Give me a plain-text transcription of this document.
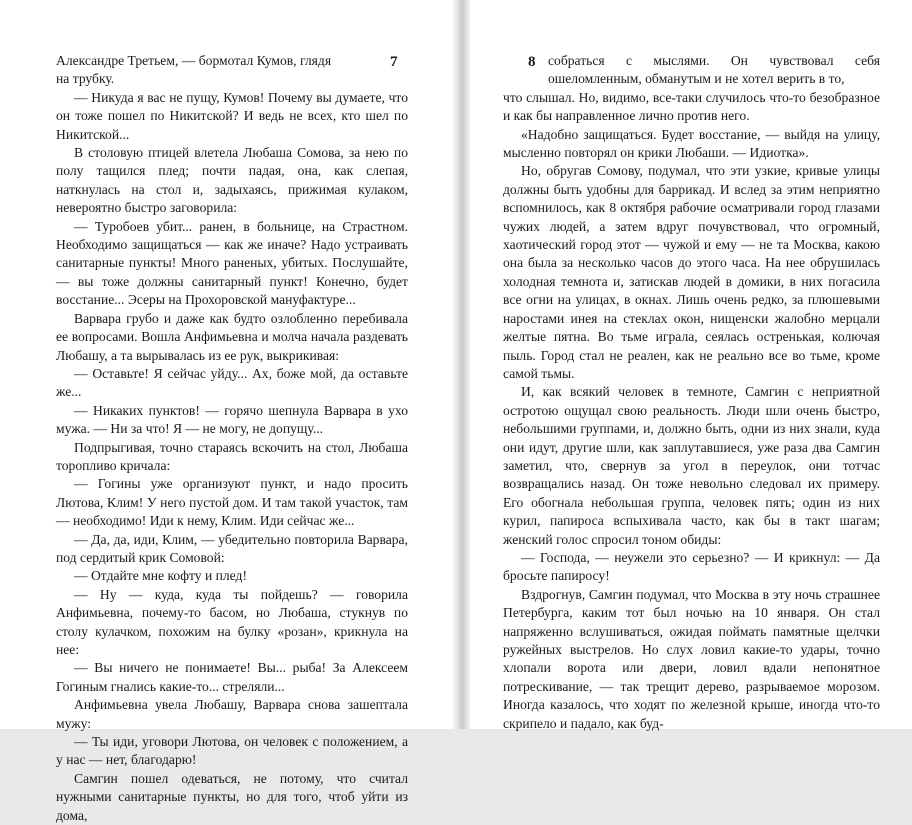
7

Александре Третьем, — бормотал Кумов, глядя

на трубку.

— Никуда я вас не пущу, Кумов! Почему вы думаете, что он тоже пошел по Никитской? И ведь не всех, кто шел по Никитской...

В столовую птицей влетела Любаша Сомова, за нею по полу тащился плед; почти падая, она, как слепая, наткнулась на стол и, задыхаясь, прижимая кулаком, невероятно быстро заговорила:

— Туробоев убит... ранен, в больнице, на Страстном. Необходимо защищаться — как же иначе? Надо устраивать санитарные пункты! Много раненых, убитых. Послушайте, — вы тоже должны санитарный пункт! Конечно, будет восстание... Эсеры на Прохоровской мануфактуре...

Варвара грубо и даже как будто озлобленно перебивала ее вопросами. Вошла Анфимьевна и молча начала раздевать Любашу, а та вырывалась из ее рук, выкрикивая:

— Оставьте! Я сейчас уйду... Ах, боже мой, да оставьте же...

— Никаких пунктов! — горячо шепнула Варвара в ухо мужа. — Ни за что! Я — не могу, не допущу...

Подпрыгивая, точно стараясь вскочить на стол, Любаша торопливо кричала:

— Гогины уже организуют пункт, и надо просить Лютова, Клим! У него пустой дом. И там такой участок, там — необходимо! Иди к нему, Клим. Иди сейчас же...

— Да, да, иди, Клим, — убедительно повторила Варвара, под сердитый крик Сомовой:

— Отдайте мне кофту и плед!

— Ну — куда, куда ты пойдешь? — говорила Анфимьевна, почему-то басом, но Любаша, стукнув по столу кулачком, похожим на булку «розан», крикнула на нее:

— Вы ничего не понимаете! Вы... рыба! За Алексеем Гогиным гнались какие-то... стреляли...

Анфимьевна увела Любашу, Варвара снова зашептала мужу:

— Ты иди, уговори Лютова, он человек с положением, а у нас — нет, благодарю!

Самгин пошел одеваться, не потому, что считал нужными санитарные пункты, но для того, чтоб уйти из дома,

8 собраться с мыслями. Он чувствовал себя ошеломленным, обманутым и не хотел верить в то,

что слышал. Но, видимо, все-таки случилось что-то безобразное и как бы направленное лично против него.

«Надобно защищаться. Будет восстание, — выйдя на улицу, мысленно повторял он крики Любаши. — Идиотка».

Но, обругав Сомову, подумал, что эти узкие, кривые улицы должны быть удобны для баррикад. И вслед за этим неприятно вспомнилось, как 8 октября рабочие осматривали город глазами чужих людей, а затем вдруг почувствовал, что огромный, хаотический город этот — чужой и ему — не та Москва, какою она была за несколько часов до этого часа. На нее обрушилась холодная темнота и, затискав людей в домики, в них погасила все огни на улицах, в окнах. Лишь очень редко, за плюшевыми наростами инея на стеклах окон, нищенски жалобно мерцали желтые пятна. Во тьме играла, сеялась остренькая, колючая пыль. Город стал не реален, как не реально все во тьме, кроме самой тьмы.

И, как всякий человек в темноте, Самгин с неприятной остротою ощущал свою реальность. Люди шли очень быстро, небольшими группами, и, должно быть, одни из них знали, куда они идут, другие шли, как заплутавшиеся, уже раза два Самгин заметил, что, свернув за угол в переулок, они тотчас возвращались назад. Он тоже невольно следовал их примеру. Его обогнала небольшая группа, человек пять; один из них курил, папироса вспыхивала часто, как бы в такт шагам; женский голос спросил тоном обиды:

— Господа, — неужели это серьезно? — И крикнул: — Да бросьте папиросу!

Вздрогнув, Самгин подумал, что Москва в эту ночь страшнее Петербурга, каким тот был ночью на 10 января. Он стал напряженно вслушиваться, ожидая поймать памятные щелчки ружейных выстрелов. Но слух ловил какие-то удары, точно хлопали ворота или двери, ловил вдали непонятное потрескивание, — так трещит дерево, разрываемое морозом. Иногда казалось, что ходят по железной крыше, иногда что-то скрипело и падало, как буд-
